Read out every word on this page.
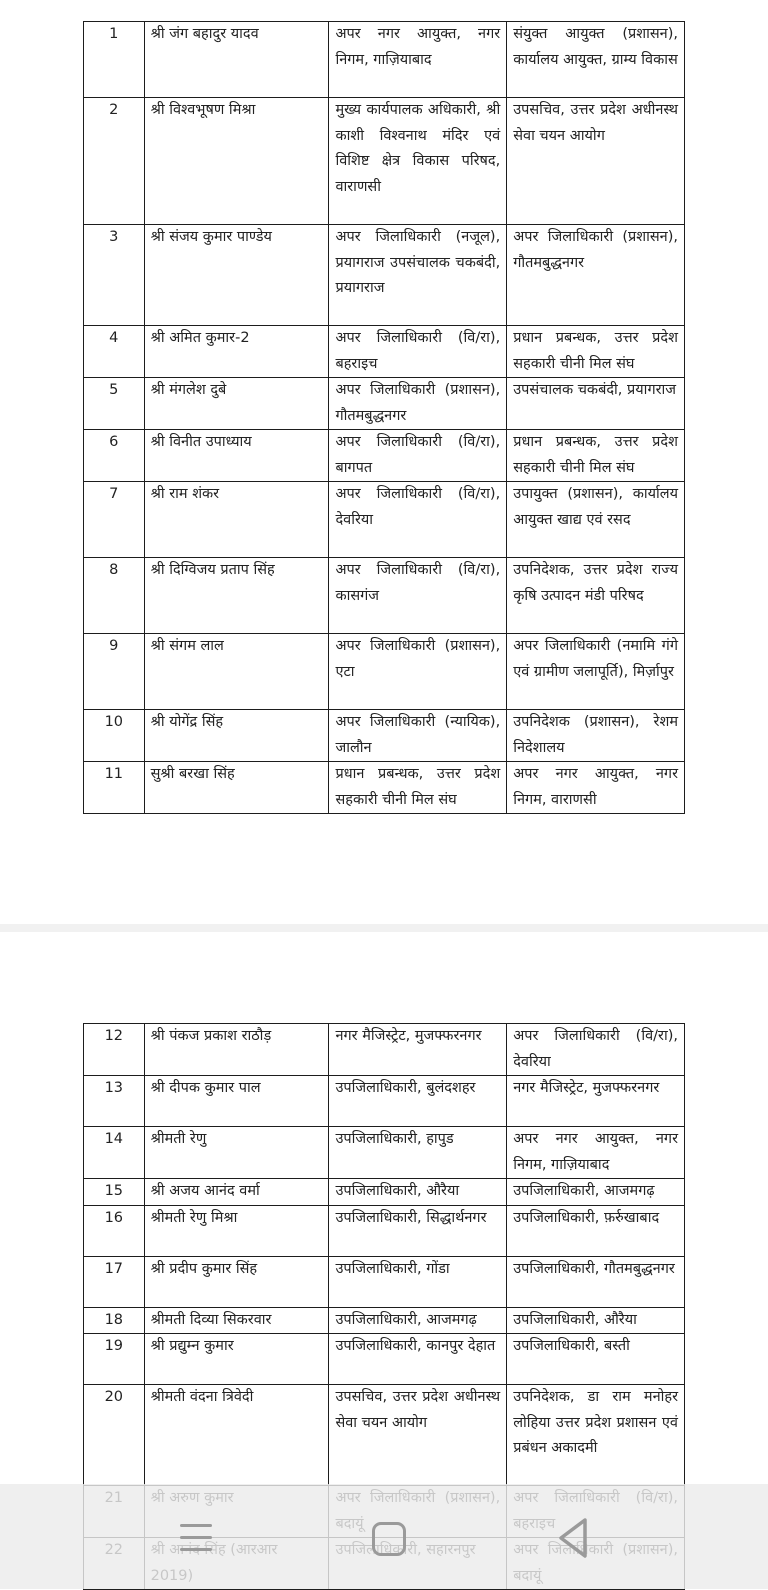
1	श्री जंग बहादुर यादव	अपर नगर आयुक्त, नगर निगम, गाज़ियाबाद	संयुक्त आयुक्त (प्रशासन), कार्यालय आयुक्त, ग्राम्य विकास
2	श्री विश्वभूषण मिश्रा	मुख्य कार्यपालक अधिकारी, श्री काशी विश्वनाथ मंदिर एवं विशिष्ट क्षेत्र विकास परिषद, वाराणसी	उपसचिव, उत्तर प्रदेश अधीनस्थ सेवा चयन आयोग
3	श्री संजय कुमार पाण्डेय	अपर जिलाधिकारी (नजूल), प्रयागराज उपसंचालक चकबंदी, प्रयागराज	अपर जिलाधिकारी (प्रशासन), गौतमबुद्धनगर
4	श्री अमित कुमार-2	अपर जिलाधिकारी (वि/रा), बहराइच	प्रधान प्रबन्धक, उत्तर प्रदेश सहकारी चीनी मिल संघ
5	श्री मंगलेश दुबे	अपर जिलाधिकारी (प्रशासन), गौतमबुद्धनगर	उपसंचालक चकबंदी, प्रयागराज
6	श्री विनीत उपाध्याय	अपर जिलाधिकारी (वि/रा), बागपत	प्रधान प्रबन्धक, उत्तर प्रदेश सहकारी चीनी मिल संघ
7	श्री राम शंकर	अपर जिलाधिकारी (वि/रा), देवरिया	उपायुक्त (प्रशासन), कार्यालय आयुक्त खाद्य एवं रसद
8	श्री दिग्विजय प्रताप सिंह	अपर जिलाधिकारी (वि/रा), कासगंज	उपनिदेशक, उत्तर प्रदेश राज्य कृषि उत्पादन मंडी परिषद
9	श्री संगम लाल	अपर जिलाधिकारी (प्रशासन), एटा	अपर जिलाधिकारी (नमामि गंगे एवं ग्रामीण जलापूर्ति), मिर्ज़ापुर
10	श्री योगेंद्र सिंह	अपर जिलाधिकारी (न्यायिक), जालौन	उपनिदेशक (प्रशासन), रेशम निदेशालय
11	सुश्री बरखा सिंह	प्रधान प्रबन्धक, उत्तर प्रदेश सहकारी चीनी मिल संघ	अपर नगर आयुक्त, नगर निगम, वाराणसी
12	श्री पंकज प्रकाश राठौड़	नगर मैजिस्ट्रेट, मुजफ्फरनगर	अपर जिलाधिकारी (वि/रा), देवरिया
13	श्री दीपक कुमार पाल	उपजिलाधिकारी, बुलंदशहर	नगर मैजिस्ट्रेट, मुजफ्फरनगर
14	श्रीमती रेणु	उपजिलाधिकारी, हापुड	अपर नगर आयुक्त, नगर निगम, गाज़ियाबाद
15	श्री अजय आनंद वर्मा	उपजिलाधिकारी, औरैया	उपजिलाधिकारी, आजमगढ़
16	श्रीमती रेणु मिश्रा	उपजिलाधिकारी, सिद्धार्थनगर	उपजिलाधिकारी, फ़र्रुखाबाद
17	श्री प्रदीप कुमार सिंह	उपजिलाधिकारी, गोंडा	उपजिलाधिकारी, गौतमबुद्धनगर
18	श्रीमती दिव्या सिकरवार	उपजिलाधिकारी, आजमगढ़	उपजिलाधिकारी, औरैया
19	श्री प्रद्युम्न कुमार	उपजिलाधिकारी, कानपुर देहात	उपजिलाधिकारी, बस्ती
20	श्रीमती वंदना त्रिवेदी	उपसचिव, उत्तर प्रदेश अधीनस्थ सेवा चयन आयोग	उपनिदेशक, डा राम मनोहर लोहिया उत्तर प्रदेश प्रशासन एवं प्रबंधन अकादमी
